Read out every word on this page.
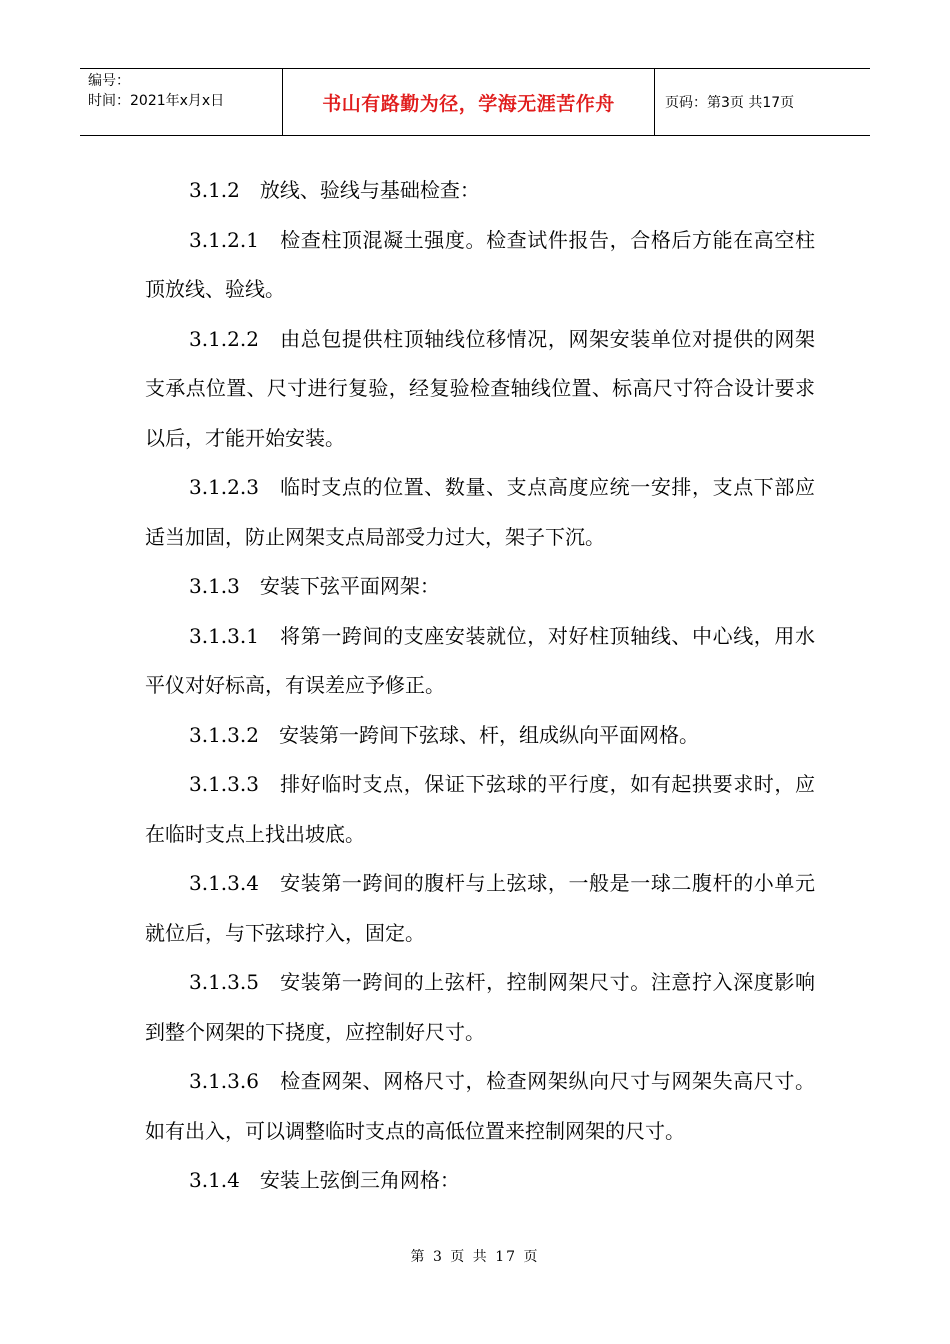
编号：
时间：2021年x月x日	书山有路勤为径，学海无涯苦作舟	页码：第3页 共17页

3.1.2　放线、验线与基础检查：

3.1.2.1　检查柱顶混凝土强度。检查试件报告，合格后方能在高空柱顶放线、验线。

3.1.2.2　由总包提供柱顶轴线位移情况，网架安装单位对提供的网架支承点位置、尺寸进行复验，经复验检查轴线位置、标高尺寸符合设计要求以后，才能开始安装。

3.1.2.3　临时支点的位置、数量、支点高度应统一安排，支点下部应适当加固，防止网架支点局部受力过大，架子下沉。

3.1.3　安装下弦平面网架：

3.1.3.1　将第一跨间的支座安装就位，对好柱顶轴线、中心线，用水平仪对好标高，有误差应予修正。

3.1.3.2　安装第一跨间下弦球、杆，组成纵向平面网格。

3.1.3.3　排好临时支点，保证下弦球的平行度，如有起拱要求时，应在临时支点上找出坡底。

3.1.3.4　安装第一跨间的腹杆与上弦球，一般是一球二腹杆的小单元就位后，与下弦球拧入，固定。

3.1.3.5　安装第一跨间的上弦杆，控制网架尺寸。注意拧入深度影响到整个网架的下挠度，应控制好尺寸。

3.1.3.6　检查网架、网格尺寸，检查网架纵向尺寸与网架失高尺寸。如有出入，可以调整临时支点的高低位置来控制网架的尺寸。

3.1.4　安装上弦倒三角网格：

第 3 页 共 17 页
